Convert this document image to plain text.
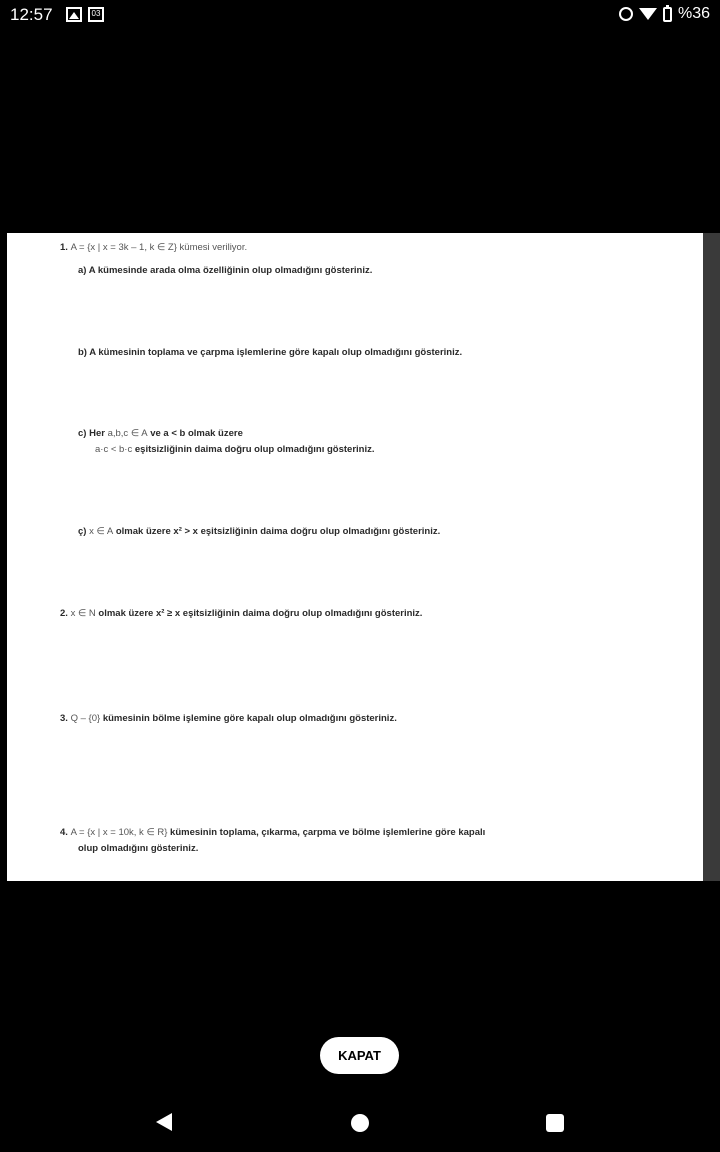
12:57	03	%36
1. A = {x | x = 3k – 1, k ∈ Z} kümesi veriliyor.
a) A kümesinde arada olma özelliğinin olup olmadığını gösteriniz.
b) A kümesinin toplama ve çarpma işlemlerine göre kapalı olup olmadığını gösteriniz.
c) Her a,b,c ∈ A ve a < b olmak üzere
a·c < b·c eşitsizliğinin daima doğru olup olmadığını gösteriniz.
ç) x ∈ A olmak üzere x² > x eşitsizliğinin daima doğru olup olmadığını gösteriniz.
2. x ∈ N olmak üzere x² ≥ x eşitsizliğinin daima doğru olup olmadığını gösteriniz.
3. Q – {0} kümesinin bölme işlemine göre kapalı olup olmadığını gösteriniz.
4. A = {x | x = 10k, k ∈ R} kümesinin toplama, çıkarma, çarpma ve bölme işlemlerine göre kapalı
olup olmadığını gösteriniz.
KAPAT
